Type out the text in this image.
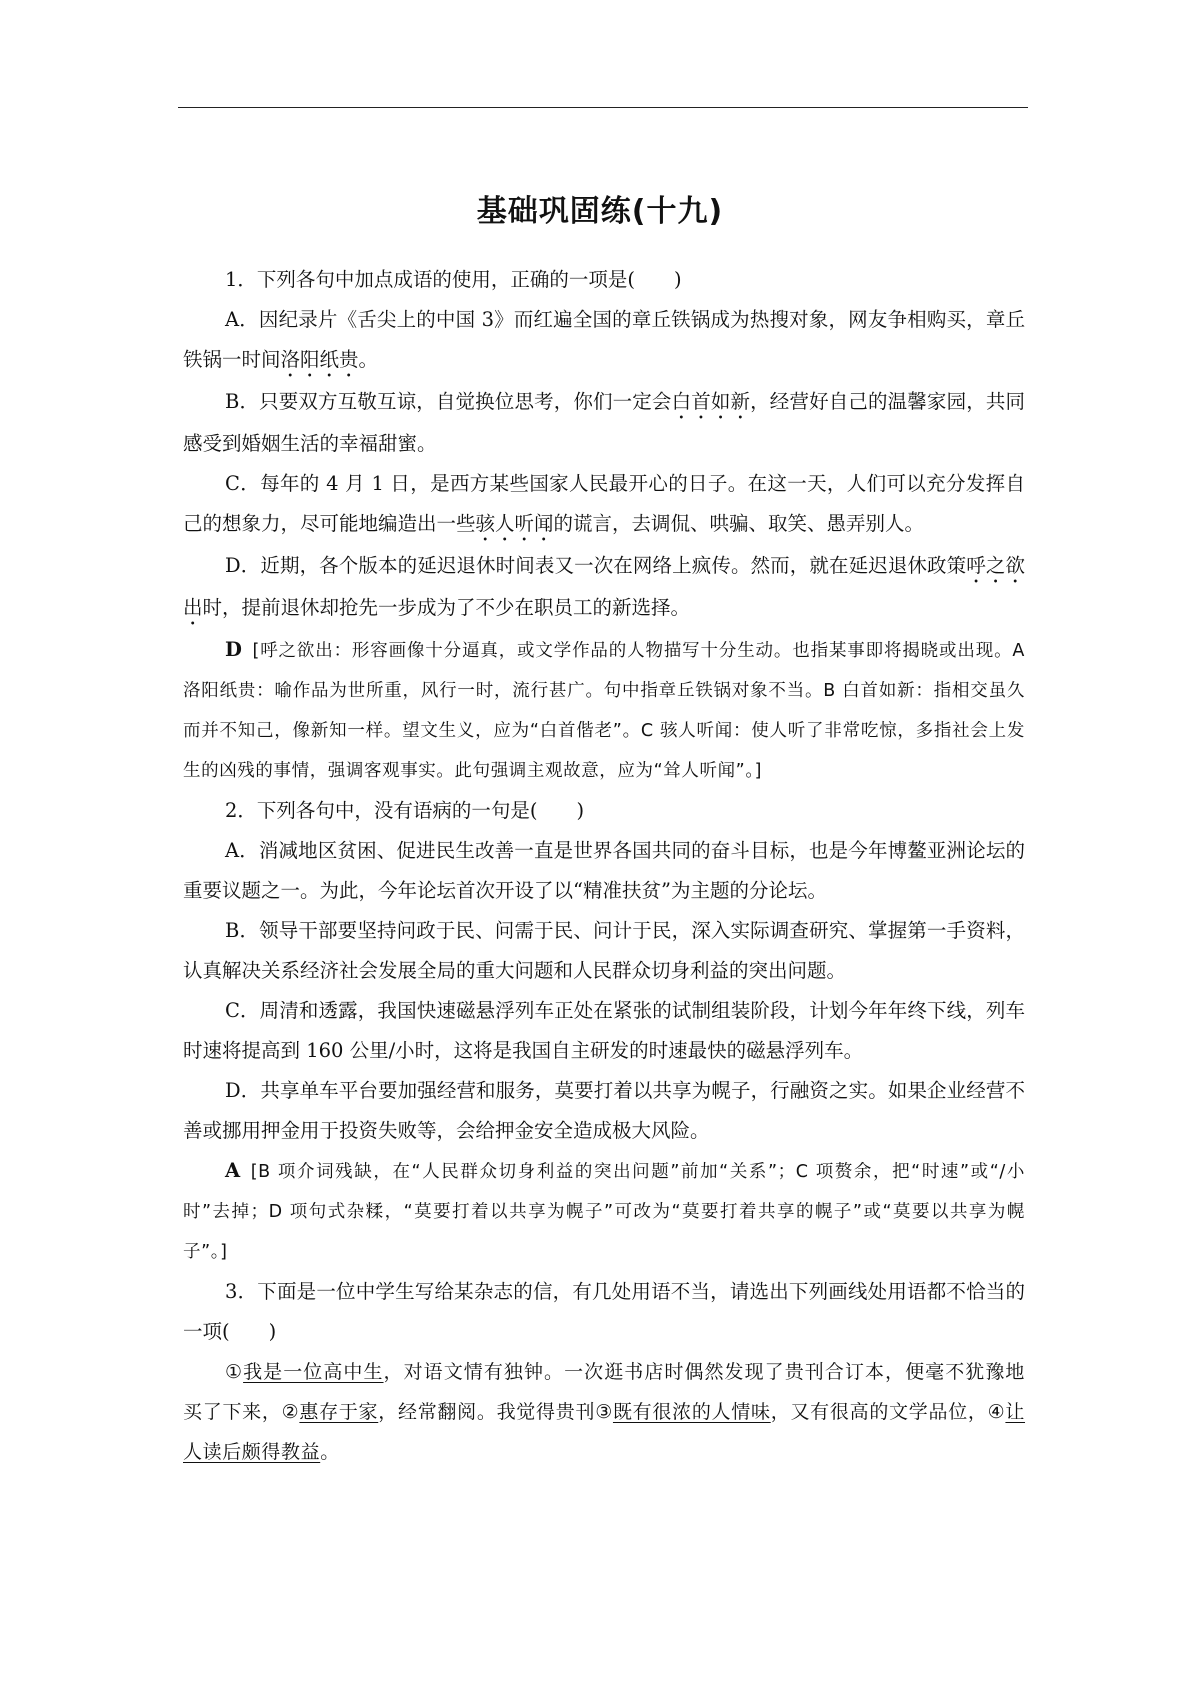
基础巩固练(十九)

1．下列各句中加点成语的使用，正确的一项是(　　)

A．因纪录片《舌尖上的中国 3》而红遍全国的章丘铁锅成为热搜对象，网友争相购买，章丘铁锅一时间洛阳纸贵。

B．只要双方互敬互谅，自觉换位思考，你们一定会白首如新，经营好自己的温馨家园，共同感受到婚姻生活的幸福甜蜜。

C．每年的 4 月 1 日，是西方某些国家人民最开心的日子。在这一天，人们可以充分发挥自己的想象力，尽可能地编造出一些骇人听闻的谎言，去调侃、哄骗、取笑、愚弄别人。

D．近期，各个版本的延迟退休时间表又一次在网络上疯传。然而，就在延迟退休政策呼之欲出时，提前退休却抢先一步成为了不少在职员工的新选择。

D [呼之欲出：形容画像十分逼真，或文学作品的人物描写十分生动。也指某事即将揭晓或出现。A 洛阳纸贵：喻作品为世所重，风行一时，流行甚广。句中指章丘铁锅对象不当。B 白首如新：指相交虽久而并不知己，像新知一样。望文生义，应为“白首偕老”。C 骇人听闻：使人听了非常吃惊，多指社会上发生的凶残的事情，强调客观事实。此句强调主观故意，应为“耸人听闻”。]

2．下列各句中，没有语病的一句是(　　)

A．消减地区贫困、促进民生改善一直是世界各国共同的奋斗目标，也是今年博鳌亚洲论坛的重要议题之一。为此，今年论坛首次开设了以“精准扶贫”为主题的分论坛。

B．领导干部要坚持问政于民、问需于民、问计于民，深入实际调查研究、掌握第一手资料，认真解决关系经济社会发展全局的重大问题和人民群众切身利益的突出问题。

C．周清和透露，我国快速磁悬浮列车正处在紧张的试制组装阶段，计划今年年终下线，列车时速将提高到 160 公里/小时，这将是我国自主研发的时速最快的磁悬浮列车。

D．共享单车平台要加强经营和服务，莫要打着以共享为幌子，行融资之实。如果企业经营不善或挪用押金用于投资失败等，会给押金安全造成极大风险。

A [B 项介词残缺，在“人民群众切身利益的突出问题”前加“关系”；C 项赘余，把“时速”或“/小时”去掉；D 项句式杂糅，“莫要打着以共享为幌子”可改为“莫要打着共享的幌子”或“莫要以共享为幌子”。]

3．下面是一位中学生写给某杂志的信，有几处用语不当，请选出下列画线处用语都不恰当的一项(　　)

①我是一位高中生，对语文情有独钟。一次逛书店时偶然发现了贵刊合订本，便毫不犹豫地买了下来，②惠存于家，经常翻阅。我觉得贵刊③既有很浓的人情味，又有很高的文学品位，④让人读后颇得教益。
